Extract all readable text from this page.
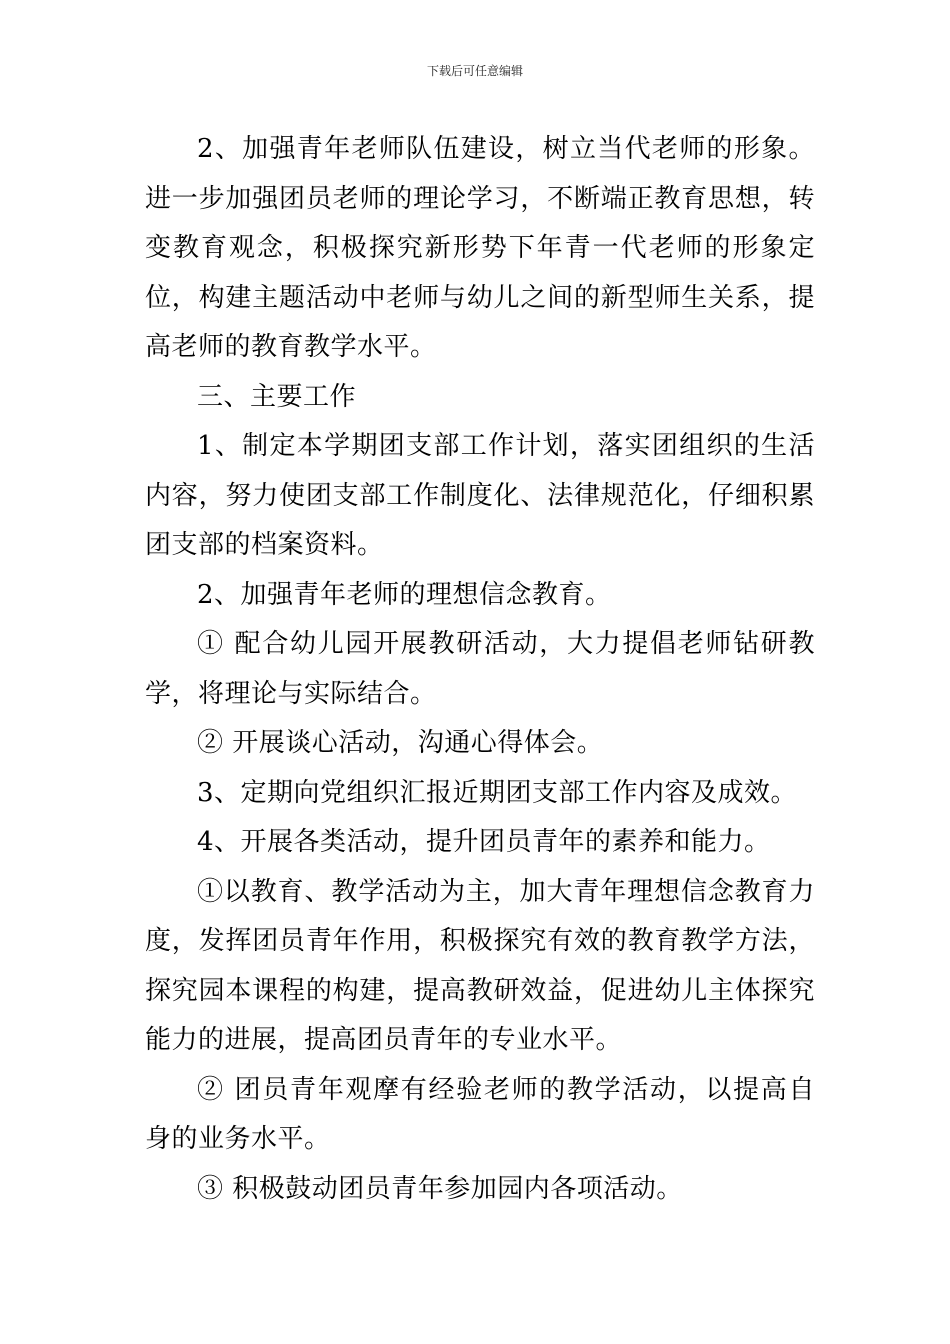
下载后可任意编辑

2、加强青年老师队伍建设，树立当代老师的形象。进一步加强团员老师的理论学习，不断端正教育思想，转变教育观念，积极探究新形势下年青一代老师的形象定位，构建主题活动中老师与幼儿之间的新型师生关系，提高老师的教育教学水平。

三、主要工作

1、制定本学期团支部工作计划，落实团组织的生活内容，努力使团支部工作制度化、法律规范化，仔细积累团支部的档案资料。

2、加强青年老师的理想信念教育。

① 配合幼儿园开展教研活动，大力提倡老师钻研教学，将理论与实际结合。

② 开展谈心活动，沟通心得体会。

3、定期向党组织汇报近期团支部工作内容及成效。

4、开展各类活动，提升团员青年的素养和能力。

①以教育、教学活动为主，加大青年理想信念教育力度，发挥团员青年作用，积极探究有效的教育教学方法，探究园本课程的构建，提高教研效益，促进幼儿主体探究能力的进展，提高团员青年的专业水平。

② 团员青年观摩有经验老师的教学活动，以提高自身的业务水平。

③ 积极鼓动团员青年参加园内各项活动。
